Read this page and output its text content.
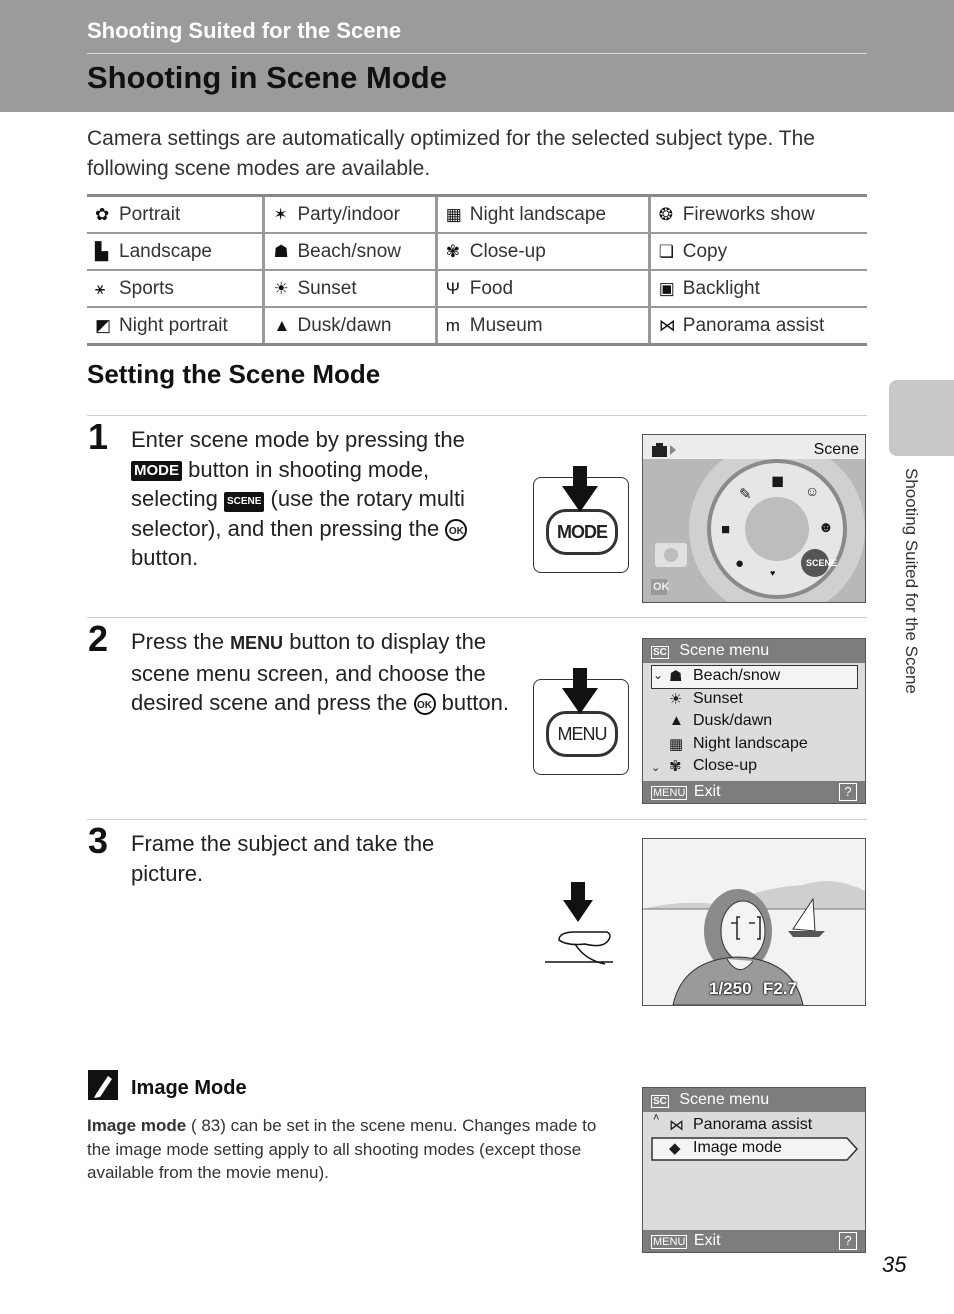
Shooting Suited for the Scene
Shooting in Scene Mode
Camera settings are automatically optimized for the selected subject type. The following scene modes are available.
✿ Portrait	✶ Party/indoor	▦ Night landscape	❂ Fireworks show
▙ Landscape	☗ Beach/snow	✾ Close-up	❏ Copy
⚹ Sports	☀ Sunset	Ψ Food	▣ Backlight
◩ Night portrait	▲ Dusk/dawn	m Museum	⋈ Panorama assist
Setting the Scene Mode
1 Enter scene mode by pressing the
MODE button in shooting mode, selecting SCENE (use the rotary multi selector), and then pressing the OK button.
MODE
Scene
OK
SCENE
◼
✎	☺
■	☻
●
♥
2 Press the MENU button to display the scene menu screen, and choose the desired scene and press the OK button.
MENU
SC Scene menu
⌄ ☗ Beach/snow
☀ Sunset
▲ Dusk/dawn
▦ Night landscape
✾ Close-up
⌄
MENU Exit	?
3 Frame the subject and take the picture.
1/250 F2.7
Shooting Suited for the Scene
Image Mode
Image mode ( 83) can be set in the scene menu. Changes made to the image mode setting apply to all shooting modes (except those available from the movie menu).
SC Scene menu
˄ ⋈ Panorama assist
◆ Image mode
MENU Exit	?
35
